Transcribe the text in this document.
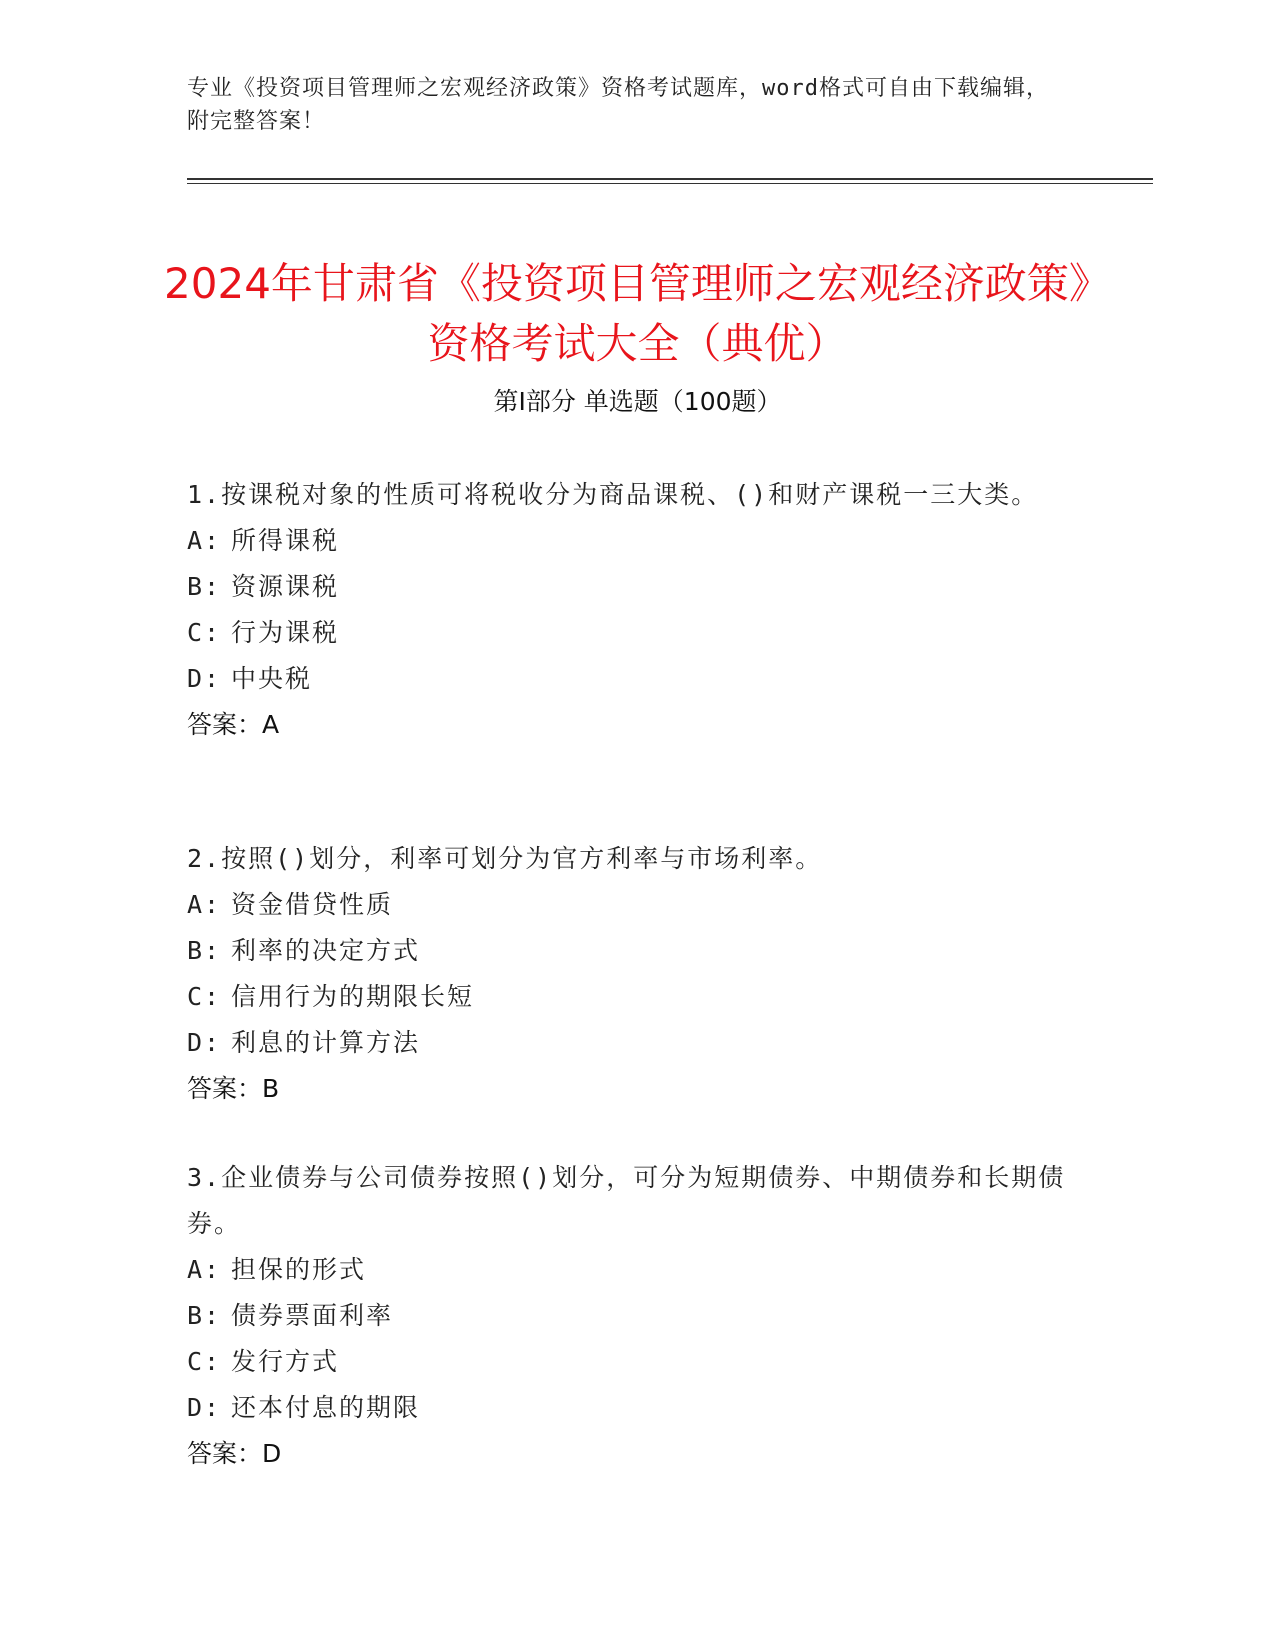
专业《投资项目管理师之宏观经济政策》资格考试题库，word格式可自由下载编辑，附完整答案！
2024年甘肃省《投资项目管理师之宏观经济政策》资格考试大全（典优）
第Ⅰ部分 单选题（100题）
1.按课税对象的性质可将税收分为商品课税、()和财产课税一三大类。
A: 所得课税
B: 资源课税
C: 行为课税
D: 中央税
答案：A
2.按照()划分，利率可划分为官方利率与市场利率。
A: 资金借贷性质
B: 利率的决定方式
C: 信用行为的期限长短
D: 利息的计算方法
答案：B
3.企业债券与公司债券按照()划分，可分为短期债券、中期债券和长期债券。
A: 担保的形式
B: 债券票面利率
C: 发行方式
D: 还本付息的期限
答案：D
